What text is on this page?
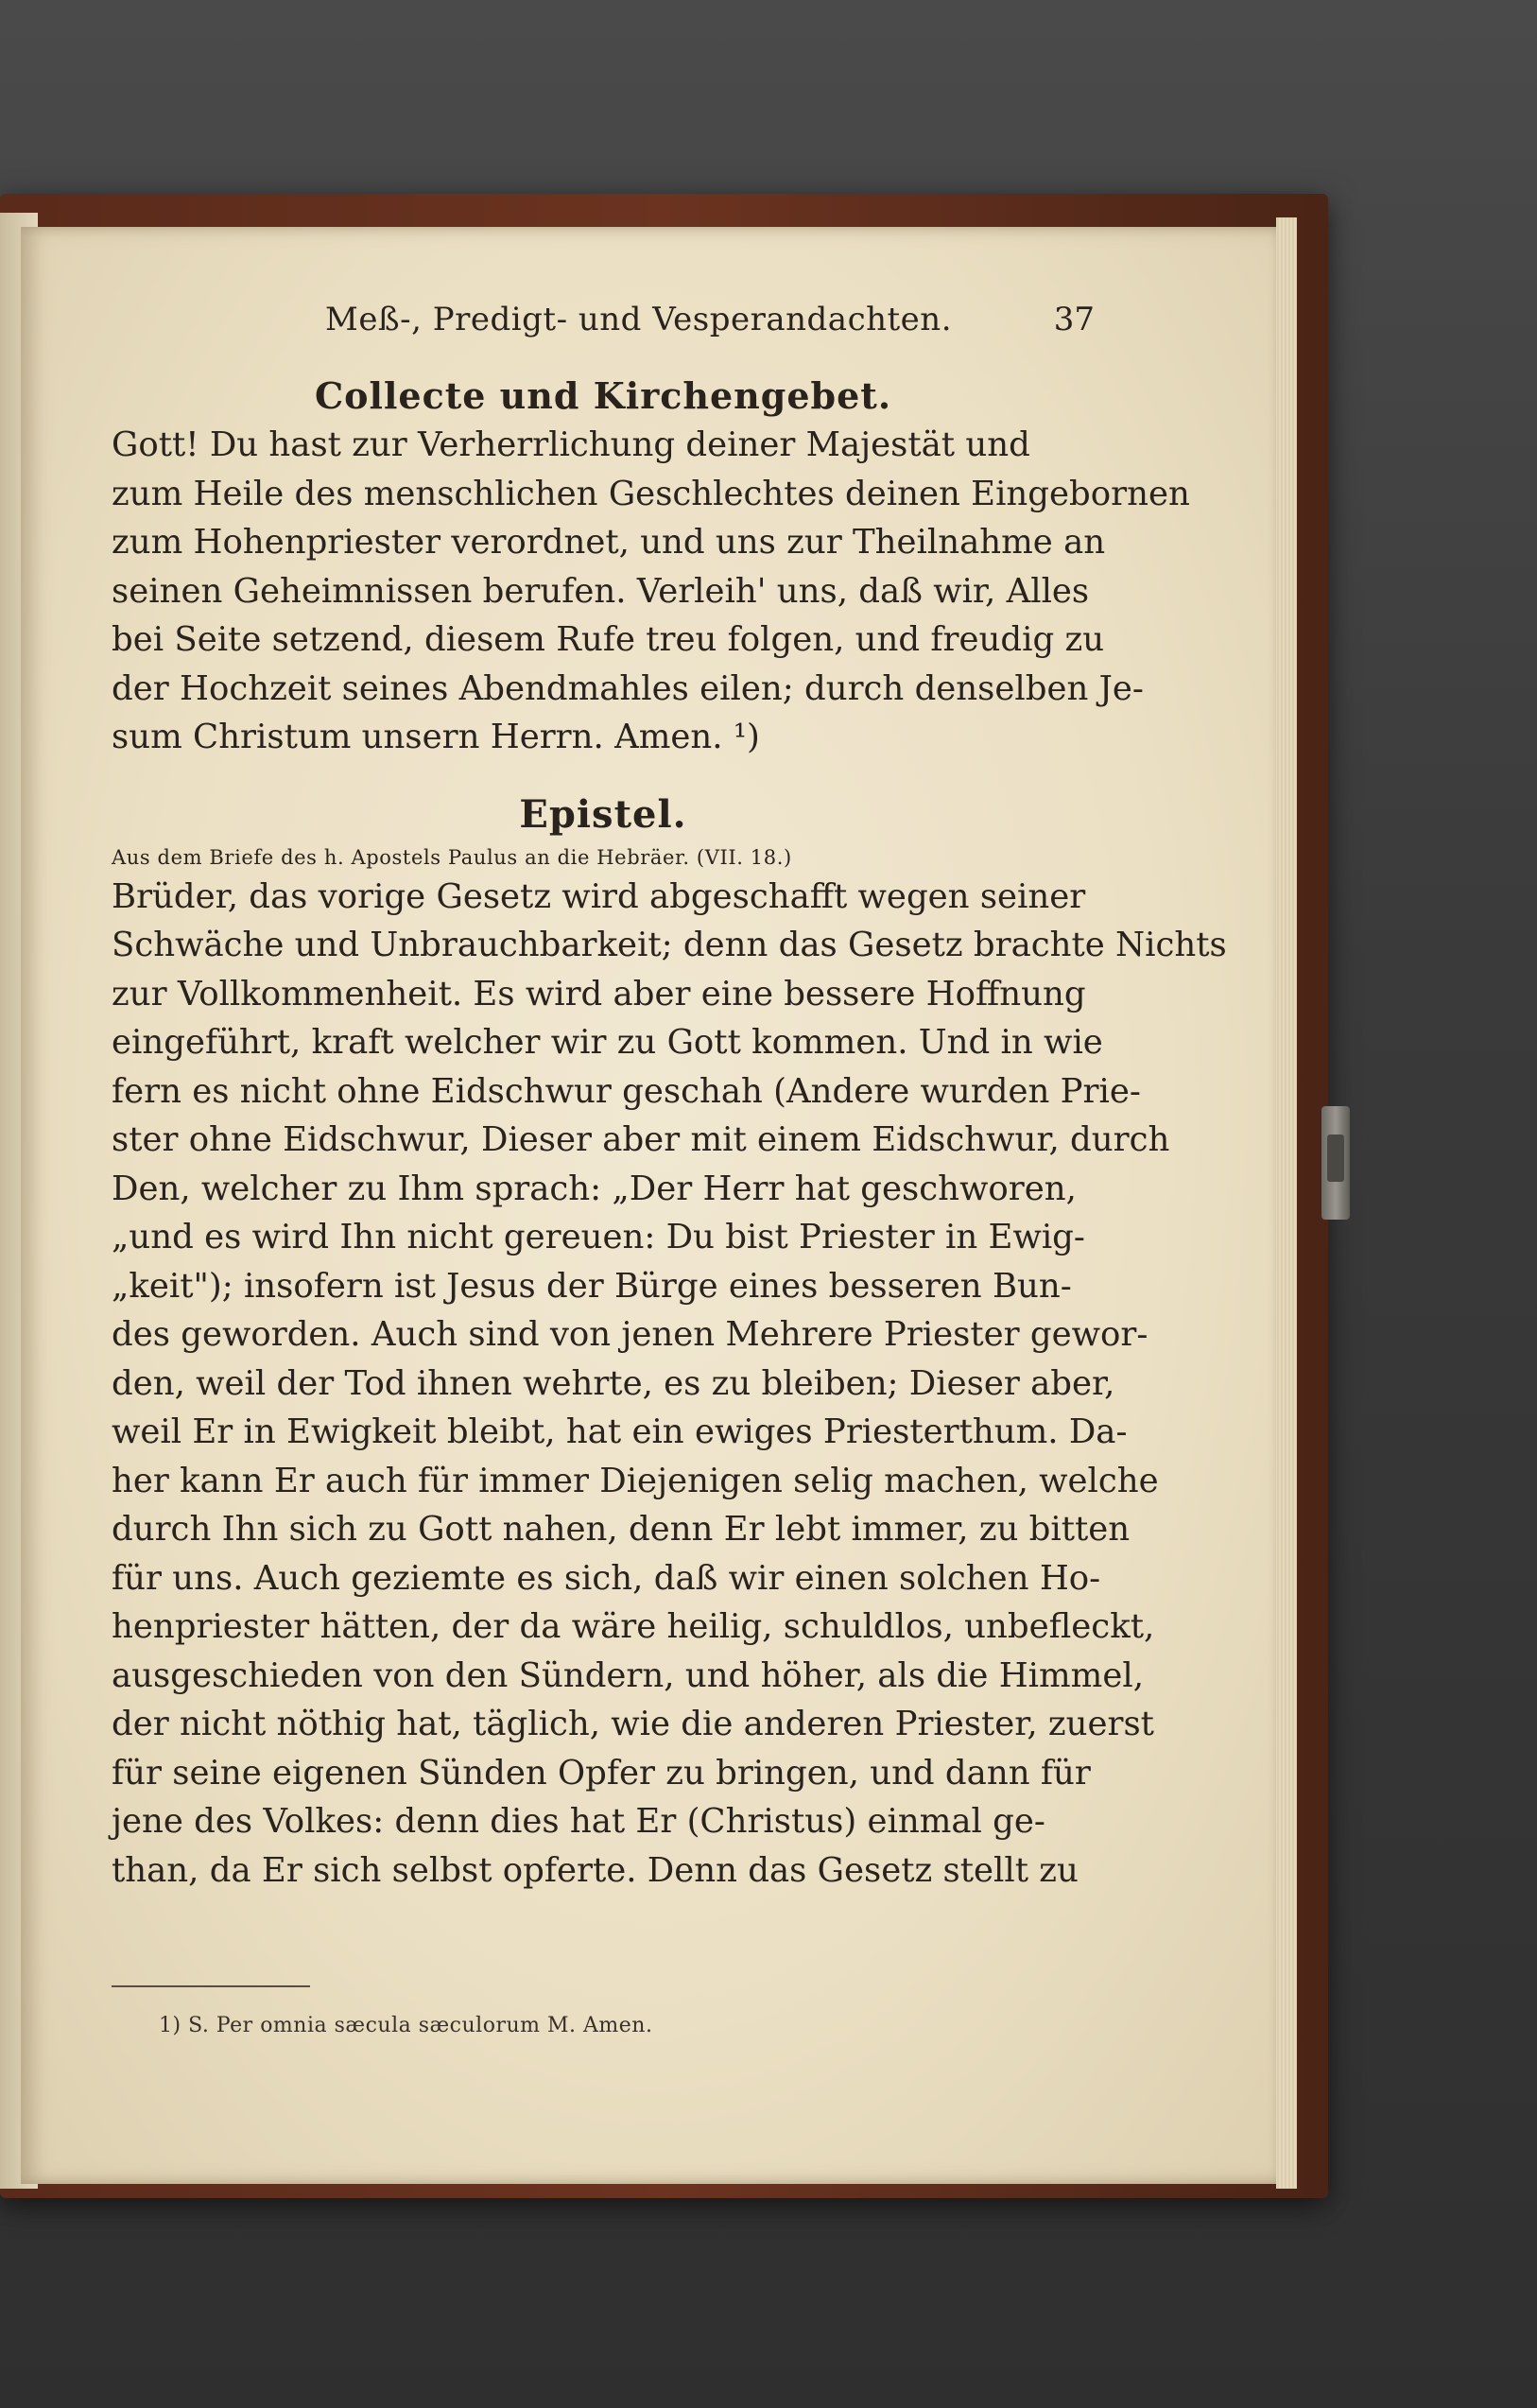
Meß-, Predigt- und Vesperandachten.	37
Collecte und Kirchengebet.
Gott! Du hast zur Verherrlichung deiner Majestät und
zum Heile des menschlichen Geschlechtes deinen Eingebornen
zum Hohenpriester verordnet, und uns zur Theilnahme an
seinen Geheimnissen berufen. Verleih' uns, daß wir, Alles
bei Seite setzend, diesem Rufe treu folgen, und freudig zu
der Hochzeit seines Abendmahles eilen; durch denselben Je-
sum Christum unsern Herrn. Amen. ¹)
Epistel.
Aus dem Briefe des h. Apostels Paulus an die Hebräer. (VII. 18.)
Brüder, das vorige Gesetz wird abgeschafft wegen seiner
Schwäche und Unbrauchbarkeit; denn das Gesetz brachte Nichts
zur Vollkommenheit. Es wird aber eine bessere Hoffnung
eingeführt, kraft welcher wir zu Gott kommen. Und in wie
fern es nicht ohne Eidschwur geschah (Andere wurden Prie-
ster ohne Eidschwur, Dieser aber mit einem Eidschwur, durch
Den, welcher zu Ihm sprach: „Der Herr hat geschworen,
„und es wird Ihn nicht gereuen: Du bist Priester in Ewig-
„keit"); insofern ist Jesus der Bürge eines besseren Bun-
des geworden. Auch sind von jenen Mehrere Priester gewor-
den, weil der Tod ihnen wehrte, es zu bleiben; Dieser aber,
weil Er in Ewigkeit bleibt, hat ein ewiges Priesterthum. Da-
her kann Er auch für immer Diejenigen selig machen, welche
durch Ihn sich zu Gott nahen, denn Er lebt immer, zu bitten
für uns. Auch geziemte es sich, daß wir einen solchen Ho-
henpriester hätten, der da wäre heilig, schuldlos, unbefleckt,
ausgeschieden von den Sündern, und höher, als die Himmel,
der nicht nöthig hat, täglich, wie die anderen Priester, zuerst
für seine eigenen Sünden Opfer zu bringen, und dann für
jene des Volkes: denn dies hat Er (Christus) einmal ge-
than, da Er sich selbst opferte. Denn das Gesetz stellt zu
1) S. Per omnia sæcula sæculorum M. Amen.
